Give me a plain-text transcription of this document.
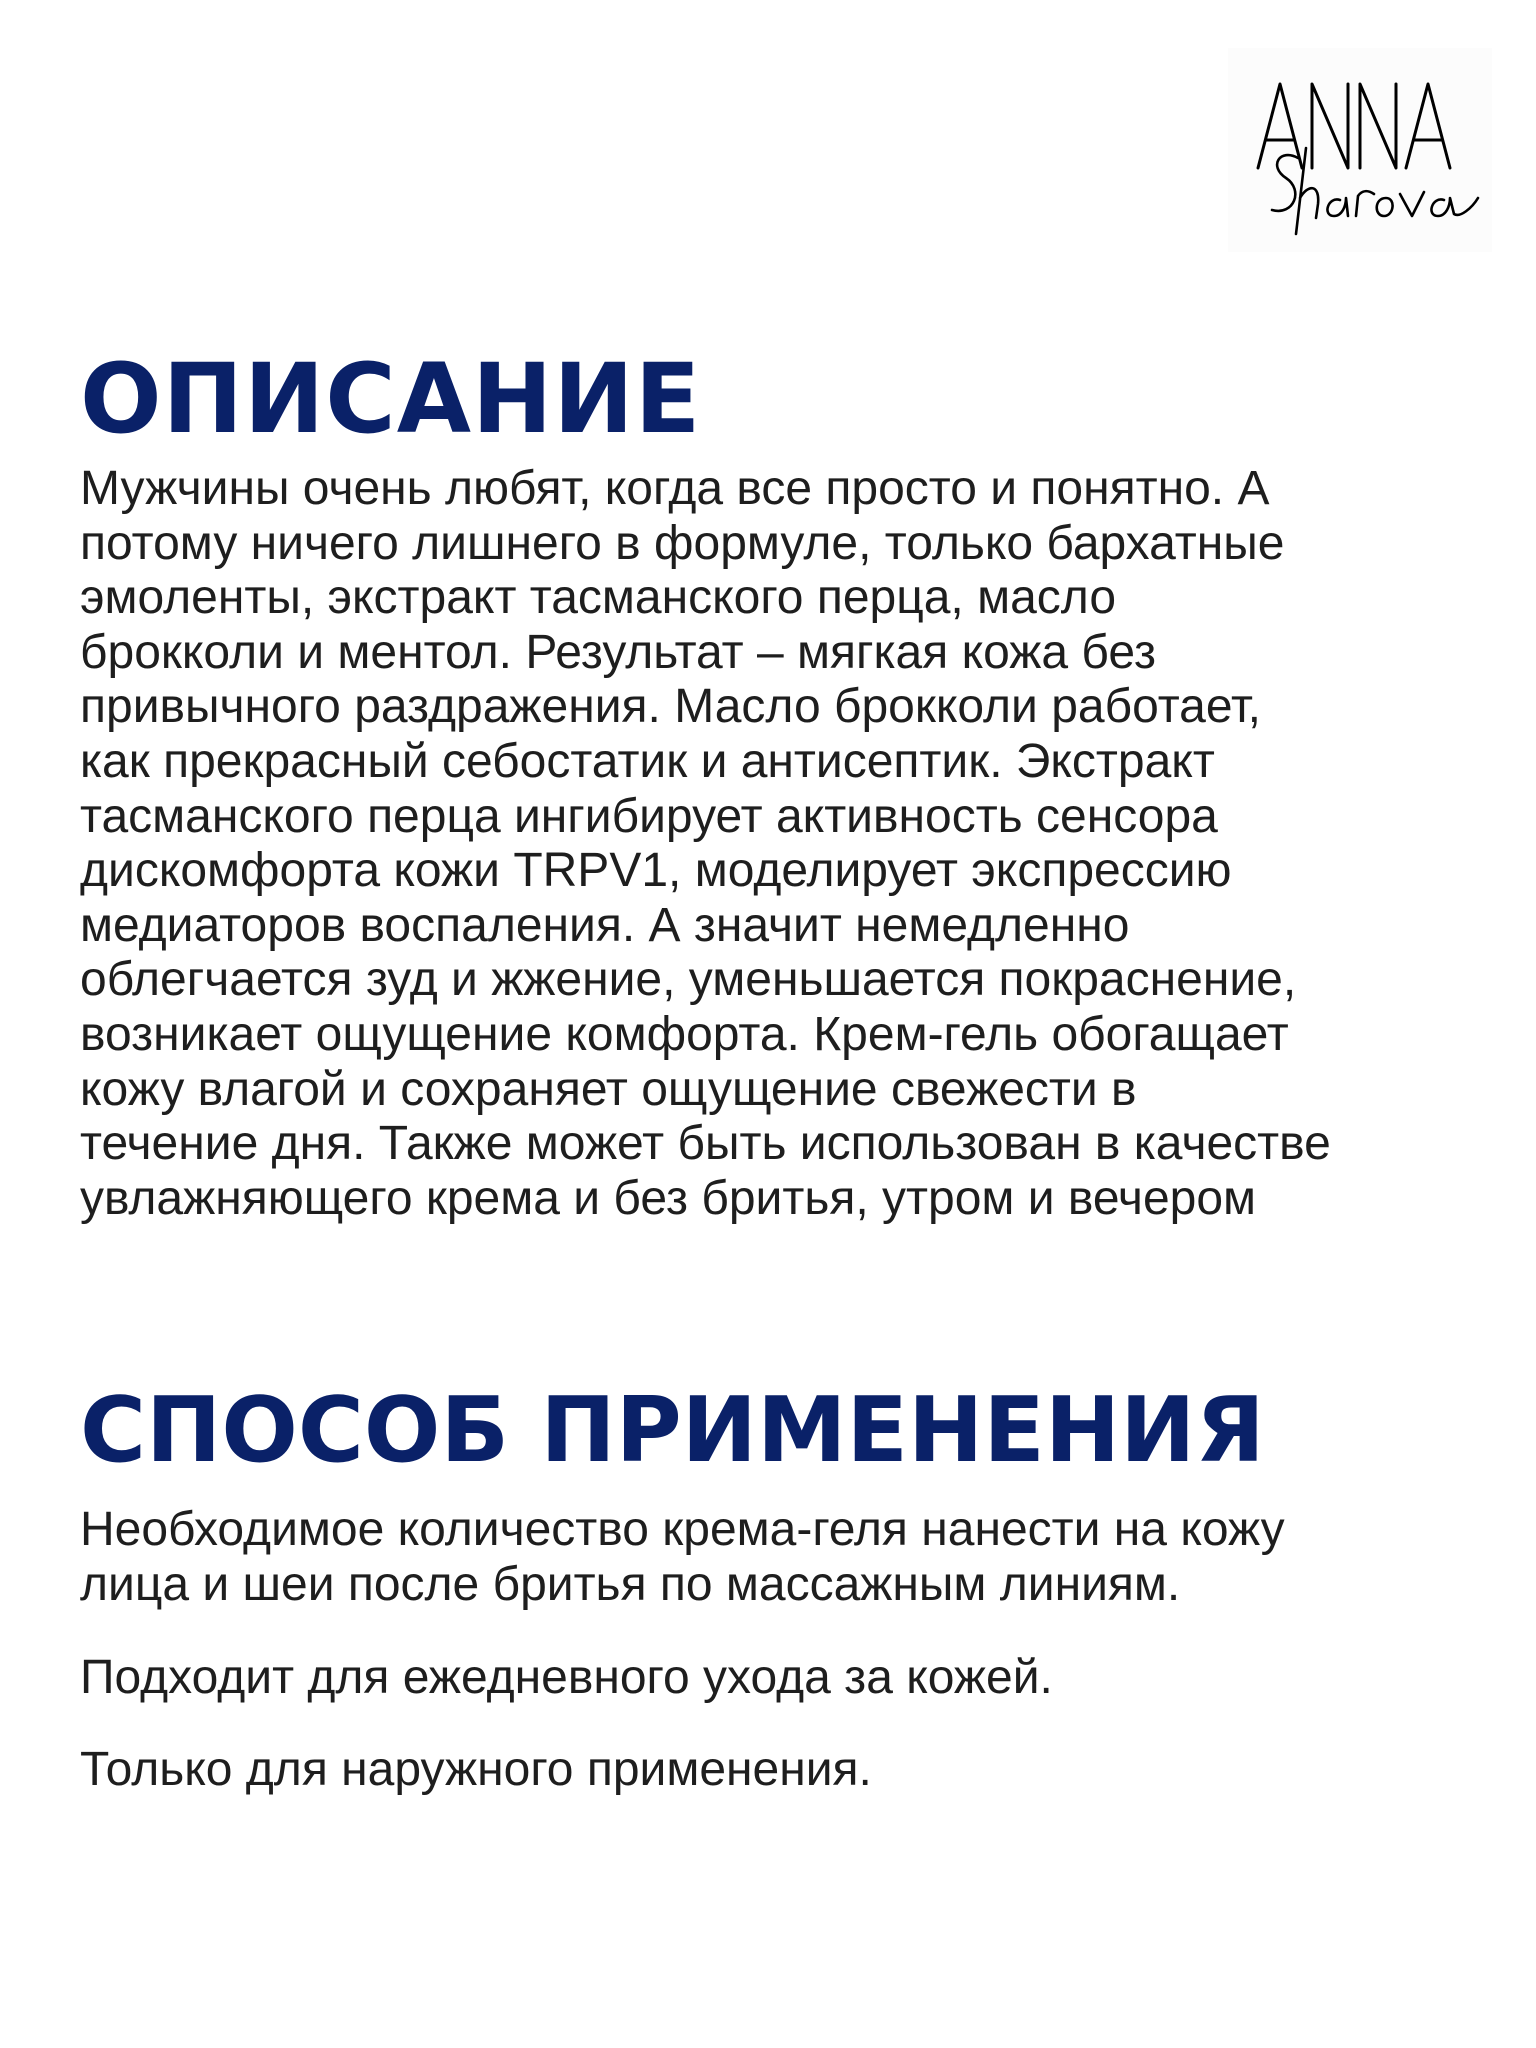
ОПИСАНИЕ
Мужчины очень любят, когда все просто и понятно. А
потому ничего лишнего в формуле, только бархатные
эмоленты, экстракт тасманского перца, масло
брокколи и ментол. Результат – мягкая кожа без
привычного раздражения. Масло брокколи работает,
как прекрасный себостатик и антисептик. Экстракт
тасманского перца ингибирует активность сенсора
дискомфорта кожи TRPV1, моделирует экспрессию
медиаторов воспаления. А значит немедленно
облегчается зуд и жжение, уменьшается покраснение,
возникает ощущение комфорта. Крем-гель обогащает
кожу влагой и сохраняет ощущение свежести в
течение дня. Также может быть использован в качестве
увлажняющего крема и без бритья, утром и вечером
СПОСОБ ПРИМЕНЕНИЯ
Необходимое количество крема-геля нанести на кожу
лица и шеи после бритья по массажным линиям.
Подходит для ежедневного ухода за кожей.
Только для наружного применения.
